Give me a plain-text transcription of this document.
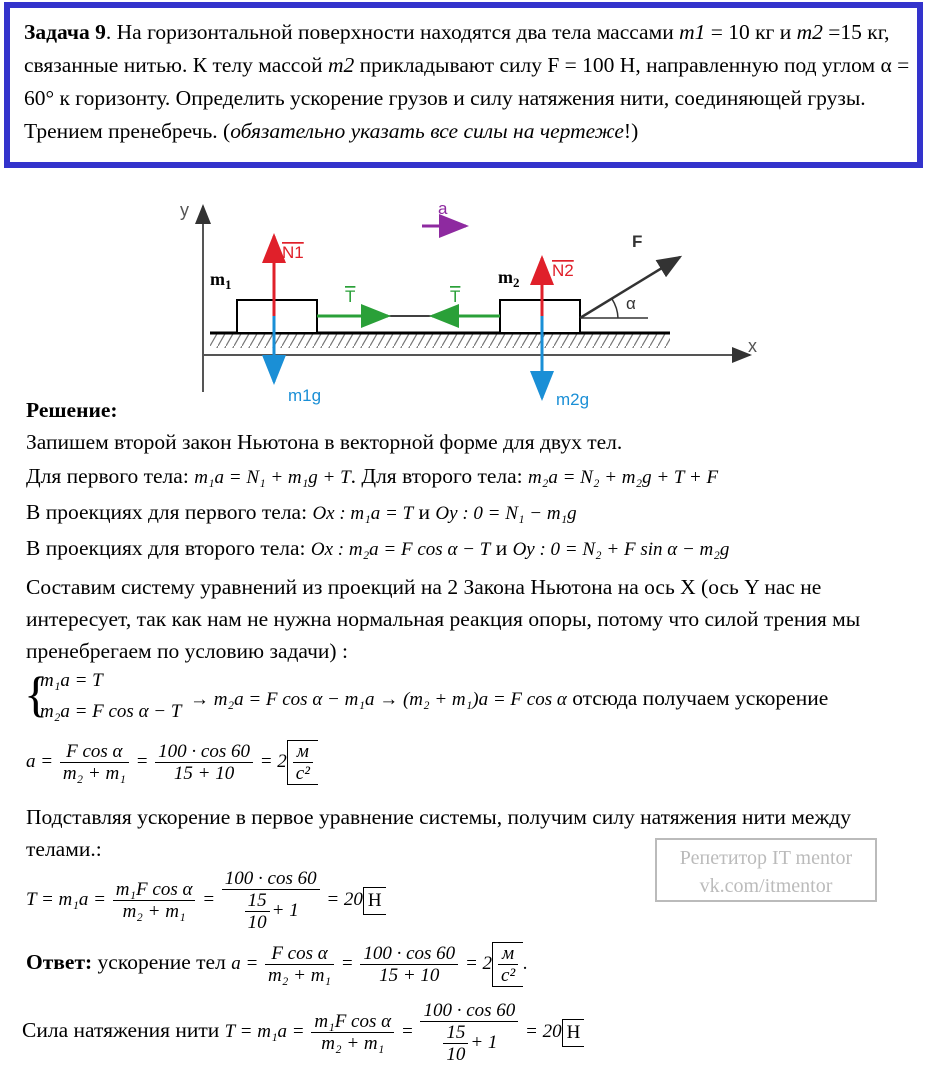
Задача 9. На горизонтальной поверхности находятся два тела массами m1 = 10 кг и m2 =15 кг, связанные нитью. К телу массой m2 прикладывают силу F = 100 Н, направленную под углом α = 60° к горизонту. Определить ускорение грузов и силу натяжения нити, соединяющей грузы. Трением пренебречь. (обязательно указать все силы на чертеже!)
y
x
$m_1$	$m_2$
T	T
N1
N2
m1g	m2g
α
F
a
Решение:
Запишем второй закон Ньютона в векторной форме для двух тел.
Для первого тела: m₁a = N₁ + m₁g + T. Для второго тела: m₂a = N₂ + m₂g + T + F
В проекциях для первого тела: Ox : m₁a = T и Oy : 0 = N₁ − m₁g
В проекциях для второго тела: Ox : m₂a = F cos α − T и Oy : 0 = N₂ + F sin α − m₂g
Составим систему уравнений из проекций на 2 Закона Ньютона на ось X (ось Y нас не интересует, так как нам не нужна нормальная реакция опоры, потому что силой трения мы пренебрегаем по условию задачи) :
{
m₁a = T
m₂a = F cos α − T
→ m₂a = F cos α − m₁a → (m₂ + m₁)a = F cos α отсюда получаем ускорение
$a = \frac{\text{F cos α}}{\text{m₂ + m₁}} = \frac{100 \cdot \cos 60}{15 + 10} = 2 \frac{м}{\text{c²}}$
Подставляя ускорение в первое уравнение системы, получим силу натяжения нити между телами.:
$T = m_1a = \frac{\text{m₁F cos α}}{\text{m₂ + m₁}} = \frac{100 \cdot \cos 60}{\frac{15}{10} + 1} = 20$ Н
Репетитор IT mentor
vk.com/itmentor
Ответ: ускорение тел $a = \frac{\text{F cos α}}{\text{m₂ + m₁}} = \frac{100 \cdot \cos 60}{15 + 10} = 2 \frac{м}{\text{c²}}$ .
Сила натяжения нити $T = m_1a = \frac{\text{m₁F cos α}}{\text{m₂ + m₁}} = \frac{100 \cdot \cos 60}{\frac{15}{10} + 1} = 20$ Н
